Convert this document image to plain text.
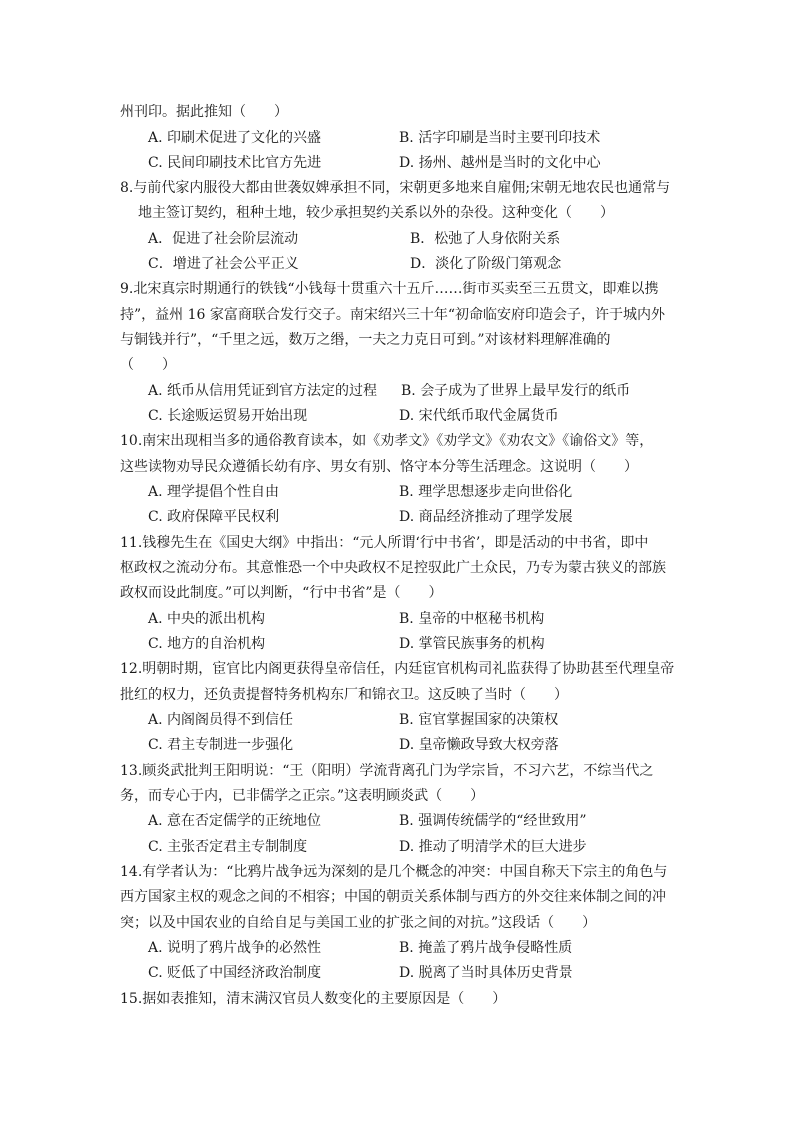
州刊印。据此推知（　　）
A. 印刷术促进了文化的兴盛	B. 活字印刷是当时主要刊印技术
C. 民间印刷技术比官方先进	D. 扬州、越州是当时的文化中心
8.与前代家内服役大都由世袭奴婢承担不同，宋朝更多地来自雇佣;宋朝无地农民也通常与
地主签订契约，租种土地，较少承担契约关系以外的杂役。这种变化（　　）
A．促进了社会阶层流动	B．松弛了人身依附关系
C．增进了社会公平正义	D．淡化了阶级门第观念
9.北宋真宗时期通行的铁钱“小钱每十贯重六十五斤……街市买卖至三五贯文，即难以携
持”，益州 16 家富商联合发行交子。南宋绍兴三十年“初命临安府印造会子，许于城内外
与铜钱并行”，“千里之远，数万之缗，一夫之力克日可到。”对该材料理解准确的
（　　）
A. 纸币从信用凭证到官方法定的过程	B. 会子成为了世界上最早发行的纸币
C. 长途贩运贸易开始出现	D. 宋代纸币取代金属货币
10.南宋出现相当多的通俗教育读本，如《劝孝文》《劝学文》《劝农文》《谕俗文》等，
这些读物劝导民众遵循长幼有序、男女有别、恪守本分等生活理念。这说明（　　）
A. 理学提倡个性自由	B. 理学思想逐步走向世俗化
C. 政府保障平民权利	D. 商品经济推动了理学发展
11.钱穆先生在《国史大纲》中指出：“元人所谓‘行中书省’，即是活动的中书省，即中
枢政权之流动分布。其意惟恐一个中央政权不足控驭此广土众民，乃专为蒙古狭义的部族
政权而设此制度。”可以判断，“行中书省”是（　　）
A. 中央的派出机构	B. 皇帝的中枢秘书机构
C. 地方的自治机构	D. 掌管民族事务的机构
12.明朝时期，宦官比内阁更获得皇帝信任，内廷宦官机构司礼监获得了协助甚至代理皇帝
批红的权力，还负责提督特务机构东厂和锦衣卫。这反映了当时（　　）
A. 内阁阁员得不到信任	B. 宦官掌握国家的决策权
C. 君主专制进一步强化	D. 皇帝懒政导致大权旁落
13.顾炎武批判王阳明说：“王（阳明）学流背离孔门为学宗旨，不习六艺，不综当代之
务，而专心于内，已非儒学之正宗。”这表明顾炎武（　　）
A. 意在否定儒学的正统地位	B. 强调传统儒学的“经世致用”
C. 主张否定君主专制制度	D. 推动了明清学术的巨大进步
14.有学者认为：“比鸦片战争远为深刻的是几个概念的冲突：中国自称天下宗主的角色与
西方国家主权的观念之间的不相容；中国的朝贡关系体制与西方的外交往来体制之间的冲
突；以及中国农业的自给自足与美国工业的扩张之间的对抗。”这段话（　　）
A. 说明了鸦片战争的必然性	B. 掩盖了鸦片战争侵略性质
C. 贬低了中国经济政治制度	D. 脱离了当时具体历史背景
15.据如表推知，清末满汉官员人数变化的主要原因是（　　）
